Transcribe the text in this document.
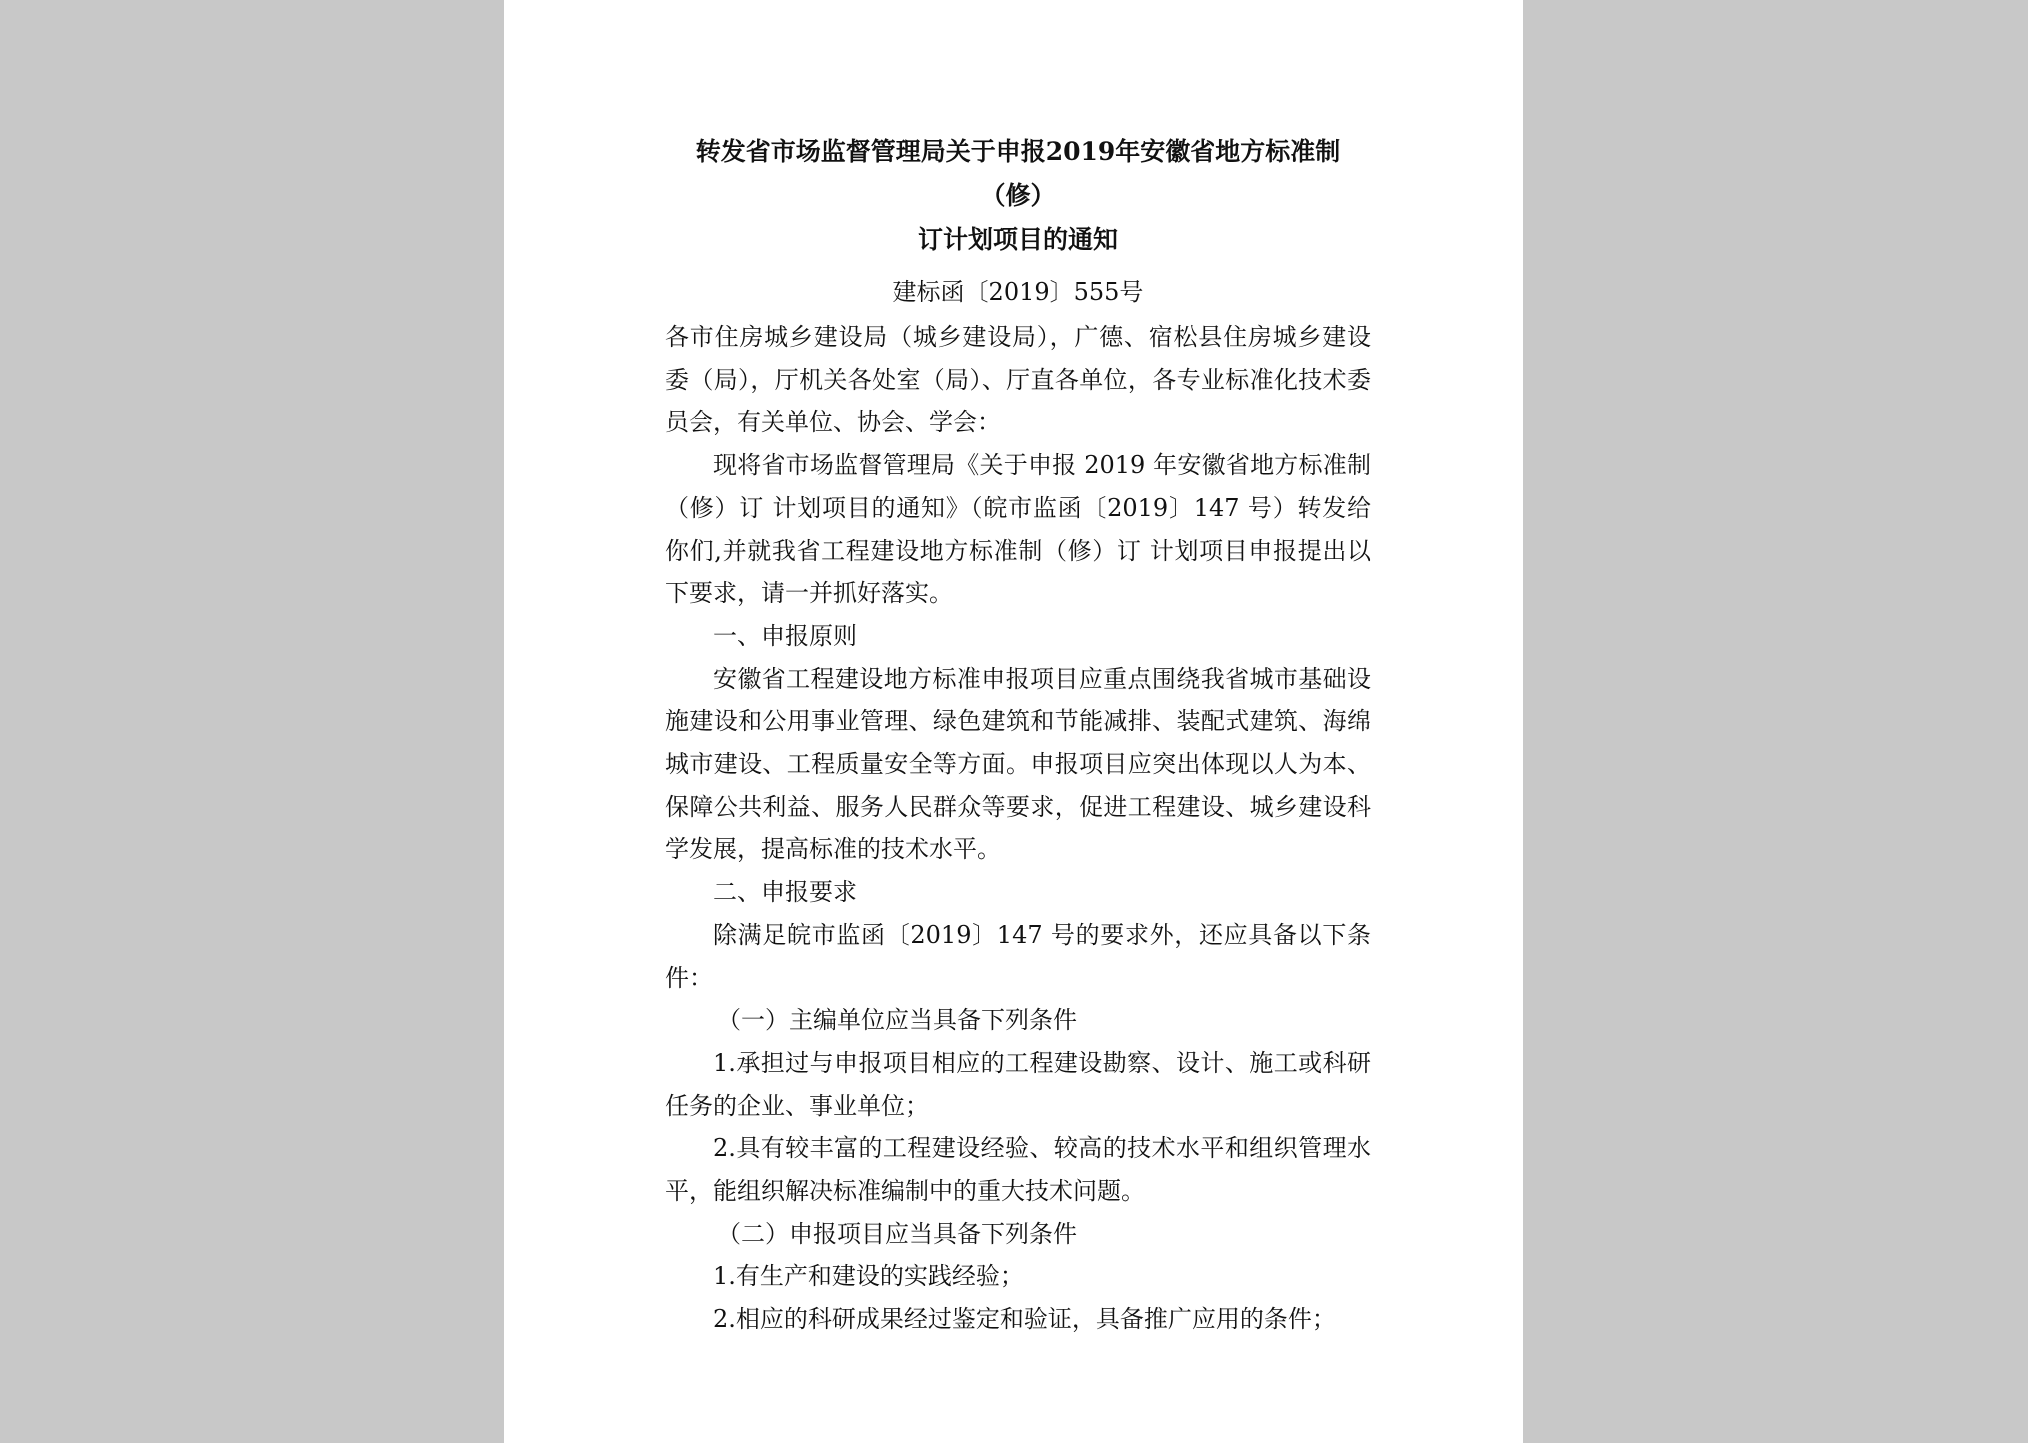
转发省市场监督管理局关于申报2019年安徽省地方标准制（修）

订计划项目的通知

建标函〔2019〕555号

各市住房城乡建设局（城乡建设局），广德、宿松县住房城乡建设委（局），厅机关各处室（局）、厅直各单位，各专业标准化技术委员会，有关单位、协会、学会：

现将省市场监督管理局《关于申报 2019 年安徽省地方标准制（修）订 计划项目的通知》（皖市监函〔2019〕147 号）转发给你们,并就我省工程建设地方标准制（修）订 计划项目申报提出以下要求，请一并抓好落实。

一、申报原则

安徽省工程建设地方标准申报项目应重点围绕我省城市基础设施建设和公用事业管理、绿色建筑和节能减排、装配式建筑、海绵城市建设、工程质量安全等方面。申报项目应突出体现以人为本、保障公共利益、服务人民群众等要求，促进工程建设、城乡建设科学发展，提高标准的技术水平。

二、申报要求

除满足皖市监函〔2019〕147 号的要求外，还应具备以下条件：

（一）主编单位应当具备下列条件

1.承担过与申报项目相应的工程建设勘察、设计、施工或科研任务的企业、事业单位；

2.具有较丰富的工程建设经验、较高的技术水平和组织管理水平，能组织解决标准编制中的重大技术问题。

（二）申报项目应当具备下列条件

1.有生产和建设的实践经验；

2.相应的科研成果经过鉴定和验证，具备推广应用的条件；
